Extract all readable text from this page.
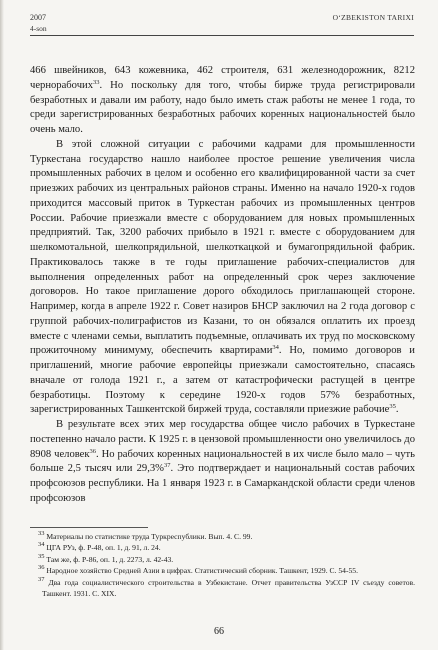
2007
4-son
O‘ZBEKISTON TARIXI

466 швейников, 643 кожевника, 462 строителя, 631 железнодорожник, 8212 чернорабочих$^{33}$. Но поскольку для того, чтобы бирже труда регистрировали безработных и давали им работу, надо было иметь стаж работы не менее 1 года, то среди зарегистрированных безработных рабочих коренных национальностей было очень мало.

В этой сложной ситуации с рабочими кадрами для промышленности Туркестана государство нашло наиболее простое решение увеличения числа промышленных рабочих в целом и особенно его квалифицированной части за счет приезжих рабочих из центральных районов страны. Именно на начало 1920-х годов приходится массовый приток в Туркестан рабочих из промышленных центров России. Рабочие приезжали вместе с оборудованием для новых промышленных предприятий. Так, 3200 рабочих прибыло в 1921 г. вместе с оборудованием для шелкомотальной, шелкопрядильной, шелкоткацкой и бумагопрядильной фабрик. Практиковалось также в те годы приглашение рабочих-специалистов для выполнения определенных работ на определенный срок через заключение договоров. Но такое приглашение дорого обходилось приглашающей стороне. Например, когда в апреле 1922 г. Совет назиров БНСР заключил на 2 года договор с группой рабочих-полиграфистов из Казани, то он обязался оплатить их проезд вместе с членами семьи, выплатить подъемные, оплачивать их труд по московскому прожиточному минимуму, обеспечить квартирами$^{34}$. Но, помимо договоров и приглашений, многие рабочие европейцы приезжали самостоятельно, спасаясь вначале от голода 1921 г., а затем от катастрофически растущей в центре безработицы. Поэтому к середине 1920-х годов 57% безработных, зарегистрированных Ташкентской биржей труда, составляли приезжие рабочие$^{35}$.

В результате всех этих мер государства общее число рабочих в Туркестане постепенно начало расти. К 1925 г. в цензовой промышленности оно увеличилось до 8908 человек$^{36}$. Но рабочих коренных национальностей в их числе было мало – чуть больше 2,5 тысяч или 29,3%$^{37}$. Это подтверждает и национальный состав рабочих профсоюзов республики. На 1 января 1923 г. в Самаркандской области среди членов профсоюзов

$^{33}$ Материалы по статистике труда Туркреспублики. Вып. 4. С. 99.

$^{34}$ ЦГА РУз, ф. Р-48, оп. 1, д. 91, л. 24.

$^{35}$ Там же, ф. Р-86, оп. 1, д. 2273, л. 42-43.

$^{36}$ Народное хозяйство Средней Азии в цифрах. Статистический сборник. Ташкент, 1929. С. 54-55.

$^{37}$ Два года социалистического строительства в Узбекистане. Отчет правительства УзССР IV съезду советов. Ташкент. 1931. С. XIX.

66
